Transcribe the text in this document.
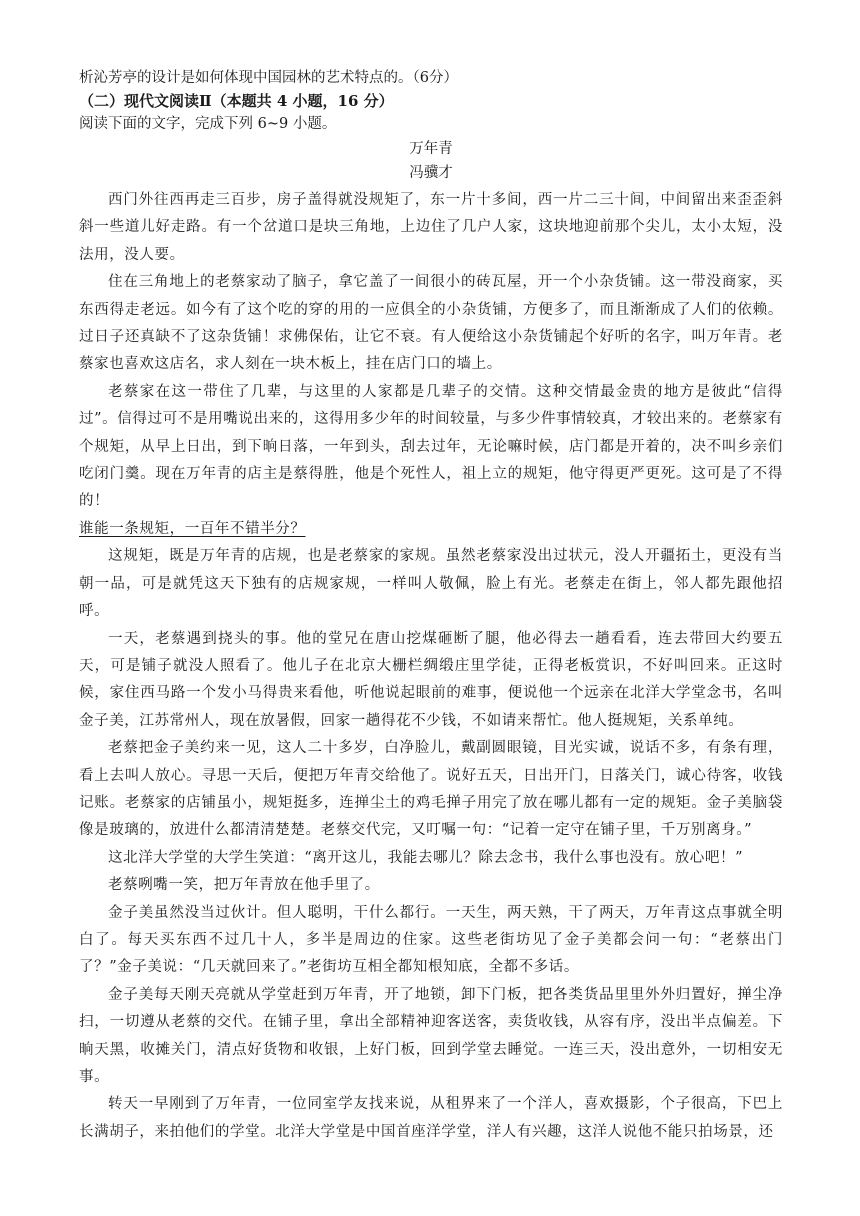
析沁芳亭的设计是如何体现中国园林的艺术特点的。（6分）

（二）现代文阅读Ⅱ（本题共 4 小题，16 分）

阅读下面的文字，完成下列 6~9 小题。

万年青

冯骥才

西门外往西再走三百步，房子盖得就没规矩了，东一片十多间，西一片二三十间，中间留出来歪歪斜斜一些道儿好走路。有一个岔道口是块三角地，上边住了几户人家，这块地迎前那个尖儿，太小太短，没法用，没人要。

住在三角地上的老蔡家动了脑子，拿它盖了一间很小的砖瓦屋，开一个小杂货铺。这一带没商家，买东西得走老远。如今有了这个吃的穿的用的一应俱全的小杂货铺，方便多了，而且渐渐成了人们的依赖。过日子还真缺不了这杂货铺！求佛保佑，让它不衰。有人便给这小杂货铺起个好听的名字，叫万年青。老蔡家也喜欢这店名，求人刻在一块木板上，挂在店门口的墙上。

老蔡家在这一带住了几辈，与这里的人家都是几辈子的交情。这种交情最金贵的地方是彼此“信得过”。信得过可不是用嘴说出来的，这得用多少年的时间较量，与多少件事情较真，才较出来的。老蔡家有个规矩，从早上日出，到下晌日落，一年到头，刮去过年，无论嘛时候，店门都是开着的，决不叫乡亲们吃闭门羹。现在万年青的店主是蔡得胜，他是个死性人，祖上立的规矩，他守得更严更死。这可是了不得的！

谁能一条规矩，一百年不错半分？

这规矩，既是万年青的店规，也是老蔡家的家规。虽然老蔡家没出过状元，没人开疆拓土，更没有当朝一品，可是就凭这天下独有的店规家规，一样叫人敬佩，脸上有光。老蔡走在街上，邻人都先跟他招呼。

一天，老蔡遇到挠头的事。他的堂兄在唐山挖煤砸断了腿，他必得去一趟看看，连去带回大约要五天，可是铺子就没人照看了。他儿子在北京大栅栏绸缎庄里学徒，正得老板赏识，不好叫回来。正这时候，家住西马路一个发小马得贵来看他，听他说起眼前的难事，便说他一个远亲在北洋大学堂念书，名叫金子美，江苏常州人，现在放暑假，回家一趟得花不少钱，不如请来帮忙。他人挺规矩，关系单纯。

老蔡把金子美约来一见，这人二十多岁，白净脸儿，戴副圆眼镜，目光实诚，说话不多，有条有理，看上去叫人放心。寻思一天后，便把万年青交给他了。说好五天，日出开门，日落关门，诚心待客，收钱记账。老蔡家的店铺虽小，规矩挺多，连掸尘土的鸡毛掸子用完了放在哪儿都有一定的规矩。金子美脑袋像是玻璃的，放进什么都清清楚楚。老蔡交代完，又叮嘱一句：“记着一定守在铺子里，千万别离身。”

这北洋大学堂的大学生笑道：“离开这儿，我能去哪儿？除去念书，我什么事也没有。放心吧！”

老蔡咧嘴一笑，把万年青放在他手里了。

金子美虽然没当过伙计。但人聪明，干什么都行。一天生，两天熟，干了两天，万年青这点事就全明白了。每天买东西不过几十人，多半是周边的住家。这些老街坊见了金子美都会问一句：“老蔡出门了？”金子美说：“几天就回来了。”老街坊互相全都知根知底，全都不多话。

金子美每天刚天亮就从学堂赶到万年青，开了地锁，卸下门板，把各类货品里里外外归置好，掸尘净扫，一切遵从老蔡的交代。在铺子里，拿出全部精神迎客送客，卖货收钱，从容有序，没出半点偏差。下晌天黑，收摊关门，清点好货物和收银，上好门板，回到学堂去睡觉。一连三天，没出意外，一切相安无事。

转天一早刚到了万年青，一位同室学友找来说，从租界来了一个洋人，喜欢摄影，个子很高，下巴上长满胡子，来拍他们的学堂。北洋大学堂是中国首座洋学堂，洋人有兴趣，这洋人说他不能只拍场景，还
